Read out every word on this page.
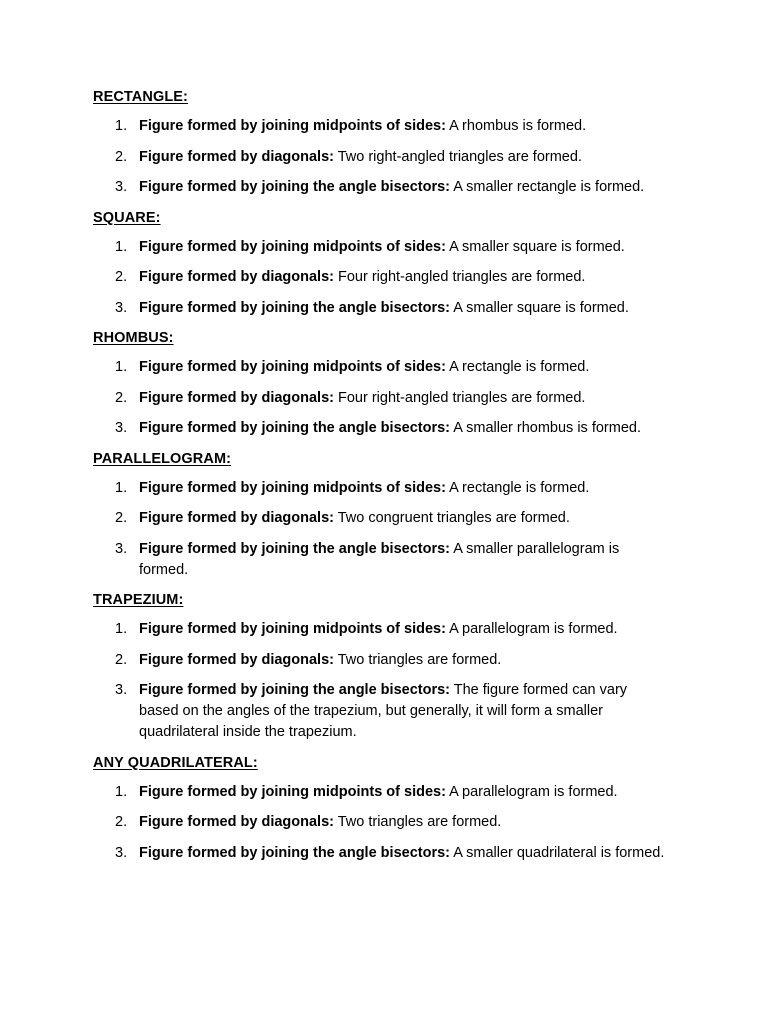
RECTANGLE:
1. Figure formed by joining midpoints of sides: A rhombus is formed.
2. Figure formed by diagonals: Two right-angled triangles are formed.
3. Figure formed by joining the angle bisectors: A smaller rectangle is formed.
SQUARE:
1. Figure formed by joining midpoints of sides: A smaller square is formed.
2. Figure formed by diagonals: Four right-angled triangles are formed.
3. Figure formed by joining the angle bisectors: A smaller square is formed.
RHOMBUS:
1. Figure formed by joining midpoints of sides: A rectangle is formed.
2. Figure formed by diagonals: Four right-angled triangles are formed.
3. Figure formed by joining the angle bisectors: A smaller rhombus is formed.
PARALLELOGRAM:
1. Figure formed by joining midpoints of sides: A rectangle is formed.
2. Figure formed by diagonals: Two congruent triangles are formed.
3. Figure formed by joining the angle bisectors: A smaller parallelogram is formed.
TRAPEZIUM:
1. Figure formed by joining midpoints of sides: A parallelogram is formed.
2. Figure formed by diagonals: Two triangles are formed.
3. Figure formed by joining the angle bisectors: The figure formed can vary based on the angles of the trapezium, but generally, it will form a smaller quadrilateral inside the trapezium.
ANY QUADRILATERAL:
1. Figure formed by joining midpoints of sides: A parallelogram is formed.
2. Figure formed by diagonals: Two triangles are formed.
3. Figure formed by joining the angle bisectors: A smaller quadrilateral is formed.
